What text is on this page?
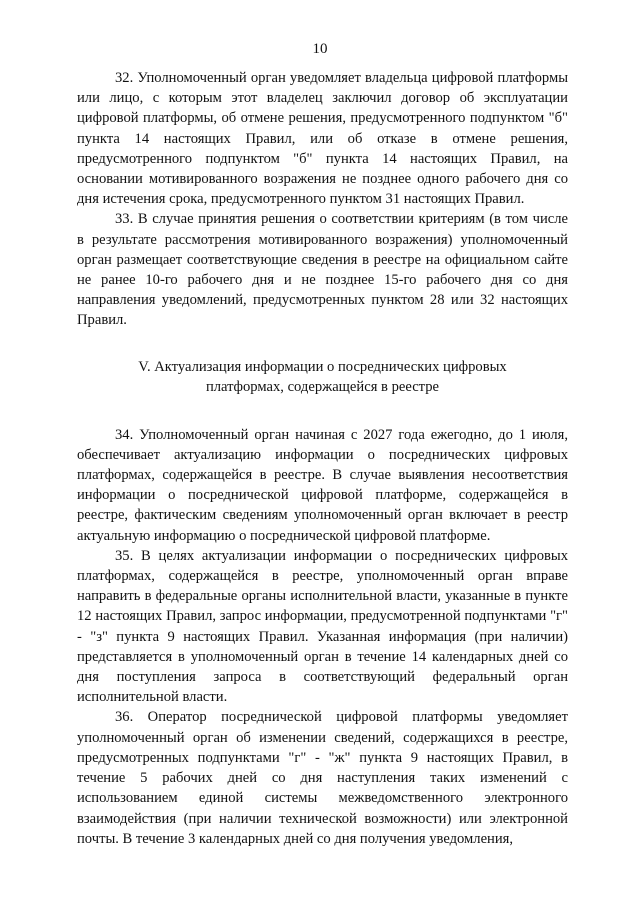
10

32. Уполномоченный орган уведомляет владельца цифровой платформы или лицо, с которым этот владелец заключил договор об эксплуатации цифровой платформы, об отмене решения, предусмотренного подпунктом "б" пункта 14 настоящих Правил, или об отказе в отмене решения, предусмотренного подпунктом "б" пункта 14 настоящих Правил, на основании мотивированного возражения не позднее одного рабочего дня со дня истечения срока, предусмотренного пунктом 31 настоящих Правил.

33. В случае принятия решения о соответствии критериям (в том числе в результате рассмотрения мотивированного возражения) уполномоченный орган размещает соответствующие сведения в реестре на официальном сайте не ранее 10-го рабочего дня и не позднее 15-го рабочего дня со дня направления уведомлений, предусмотренных пунктом 28 или 32 настоящих Правил.

V. Актуализация информации о посреднических цифровых
платформах, содержащейся в реестре

34. Уполномоченный орган начиная с 2027 года ежегодно, до 1 июля, обеспечивает актуализацию информации о посреднических цифровых платформах, содержащейся в реестре. В случае выявления несоответствия информации о посреднической цифровой платформе, содержащейся в реестре, фактическим сведениям уполномоченный орган включает в реестр актуальную информацию о посреднической цифровой платформе.

35. В целях актуализации информации о посреднических цифровых платформах, содержащейся в реестре, уполномоченный орган вправе направить в федеральные органы исполнительной власти, указанные в пункте 12 настоящих Правил, запрос информации, предусмотренной подпунктами "г" - "з" пункта 9 настоящих Правил. Указанная информация (при наличии) представляется в уполномоченный орган в течение 14 календарных дней со дня поступления запроса в соответствующий федеральный орган исполнительной власти.

36. Оператор посреднической цифровой платформы уведомляет уполномоченный орган об изменении сведений, содержащихся в реестре, предусмотренных подпунктами "г" - "ж" пункта 9 настоящих Правил, в течение 5 рабочих дней со дня наступления таких изменений с использованием единой системы межведомственного электронного взаимодействия (при наличии технической возможности) или электронной почты. В течение 3 календарных дней со дня получения уведомления,
